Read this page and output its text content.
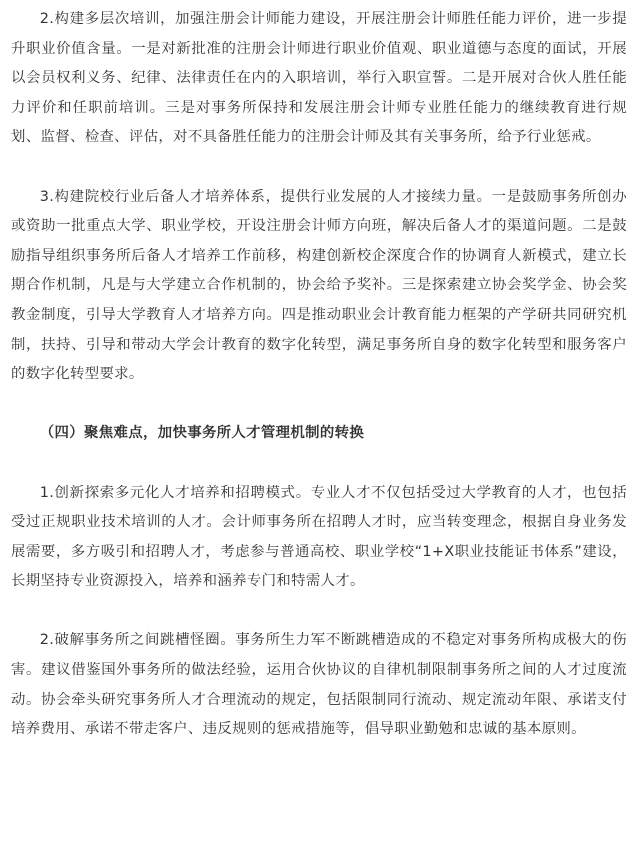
2.构建多层次培训，加强注册会计师能力建设，开展注册会计师胜任能力评价，进一步提升职业价值含量。一是对新批准的注册会计师进行职业价值观、职业道德与态度的面试，开展以会员权利义务、纪律、法律责任在内的入职培训，举行入职宣誓。二是开展对合伙人胜任能力评价和任职前培训。三是对事务所保持和发展注册会计师专业胜任能力的继续教育进行规划、监督、检查、评估，对不具备胜任能力的注册会计师及其有关事务所，给予行业惩戒。

3.构建院校行业后备人才培养体系，提供行业发展的人才接续力量。一是鼓励事务所创办或资助一批重点大学、职业学校，开设注册会计师方向班，解决后备人才的渠道问题。二是鼓励指导组织事务所后备人才培养工作前移，构建创新校企深度合作的协调育人新模式，建立长期合作机制，凡是与大学建立合作机制的，协会给予奖补。三是探索建立协会奖学金、协会奖教金制度，引导大学教育人才培养方向。四是推动职业会计教育能力框架的产学研共同研究机制，扶持、引导和带动大学会计教育的数字化转型，满足事务所自身的数字化转型和服务客户的数字化转型要求。

（四）聚焦难点，加快事务所人才管理机制的转换

1.创新探索多元化人才培养和招聘模式。专业人才不仅包括受过大学教育的人才，也包括受过正规职业技术培训的人才。会计师事务所在招聘人才时，应当转变理念，根据自身业务发展需要，多方吸引和招聘人才，考虑参与普通高校、职业学校“1+X职业技能证书体系”建设，长期坚持专业资源投入，培养和涵养专门和特需人才。

2.破解事务所之间跳槽怪圈。事务所生力军不断跳槽造成的不稳定对事务所构成极大的伤害。建议借鉴国外事务所的做法经验，运用合伙协议的自律机制限制事务所之间的人才过度流动。协会牵头研究事务所人才合理流动的规定，包括限制同行流动、规定流动年限、承诺支付培养费用、承诺不带走客户、违反规则的惩戒措施等，倡导职业勤勉和忠诚的基本原则。
